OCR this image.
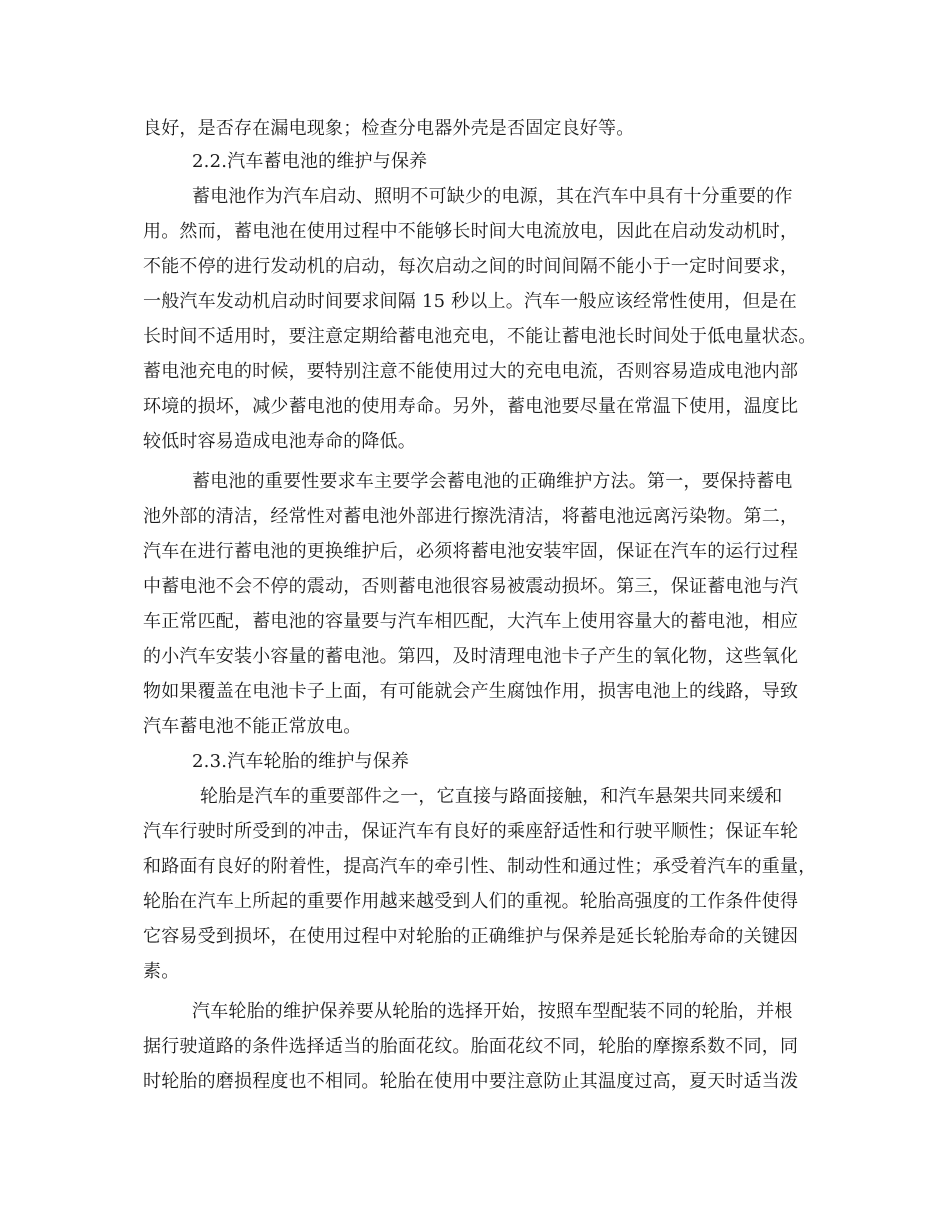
良好，是否存在漏电现象；检查分电器外壳是否固定良好等。
2.2.汽车蓄电池的维护与保养
蓄电池作为汽车启动、照明不可缺少的电源，其在汽车中具有十分重要的作
用。然而，蓄电池在使用过程中不能够长时间大电流放电，因此在启动发动机时，
不能不停的进行发动机的启动，每次启动之间的时间间隔不能小于一定时间要求，
一般汽车发动机启动时间要求间隔 15 秒以上。汽车一般应该经常性使用，但是在
长时间不适用时，要注意定期给蓄电池充电，不能让蓄电池长时间处于低电量状态。
蓄电池充电的时候，要特别注意不能使用过大的充电电流，否则容易造成电池内部
环境的损坏，减少蓄电池的使用寿命。另外，蓄电池要尽量在常温下使用，温度比
较低时容易造成电池寿命的降低。
蓄电池的重要性要求车主要学会蓄电池的正确维护方法。第一，要保持蓄电
池外部的清洁，经常性对蓄电池外部进行擦洗清洁，将蓄电池远离污染物。第二，
汽车在进行蓄电池的更换维护后，必须将蓄电池安装牢固，保证在汽车的运行过程
中蓄电池不会不停的震动，否则蓄电池很容易被震动损坏。第三，保证蓄电池与汽
车正常匹配，蓄电池的容量要与汽车相匹配，大汽车上使用容量大的蓄电池，相应
的小汽车安装小容量的蓄电池。第四，及时清理电池卡子产生的氧化物，这些氧化
物如果覆盖在电池卡子上面，有可能就会产生腐蚀作用，损害电池上的线路，导致
汽车蓄电池不能正常放电。
2.3.汽车轮胎的维护与保养
轮胎是汽车的重要部件之一，它直接与路面接触，和汽车悬架共同来缓和
汽车行驶时所受到的冲击，保证汽车有良好的乘座舒适性和行驶平顺性；保证车轮
和路面有良好的附着性，提高汽车的牵引性、制动性和通过性；承受着汽车的重量，
轮胎在汽车上所起的重要作用越来越受到人们的重视。轮胎高强度的工作条件使得
它容易受到损坏，在使用过程中对轮胎的正确维护与保养是延长轮胎寿命的关键因
素。
汽车轮胎的维护保养要从轮胎的选择开始，按照车型配装不同的轮胎，并根
据行驶道路的条件选择适当的胎面花纹。胎面花纹不同，轮胎的摩擦系数不同，同
时轮胎的磨损程度也不相同。轮胎在使用中要注意防止其温度过高，夏天时适当泼
